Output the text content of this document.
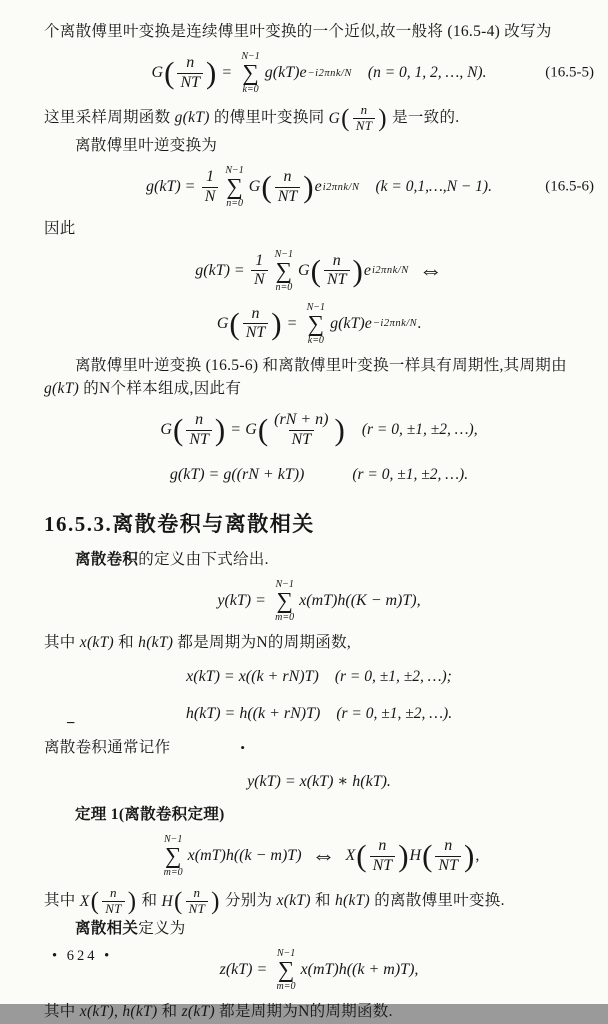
个离散傅里叶变换是连续傅里叶变换的一个近似,故一般将 (16.5-4) 改写为
G ( $\frac{n}{NT}$ ) =
N−1
∑
k=0
g(kT)e −i2πnk/N (n = 0, 1, 2, …, N).	(16.5-5)
这里采样周期函数 g(kT) 的傅里叶变换同 G ( $\frac{n}{NT}$ ) 是一致的.
离散傅里叶逆变换为
$g(kT) = \frac{1}{N} N-1$
∑
n=0
G ( $\frac{n}{NT}$ ) e i2πnk/N (k = 0,1,…,N − 1).	(16.5-6)
因此
$g(kT) = \frac{1}{N} N-1$
∑
n=0
G ( $\frac{n}{NT}$ ) e i2πnk/N ⇔
G ( $\frac{n}{NT}$ ) =
N−1
∑
k=0
g(kT)e −i2πnk/N .
离散傅里叶逆变换 (16.5-6) 和离散傅里叶变换一样具有周期性,其周期由
g(kT) 的N个样本组成,因此有
G ( $\frac{n}{NT}$ ) = G ( $\frac{(rN + n)}{NT}$ ) (r = 0, ±1, ±2, …),
g(kT) = g((rN + kT))	(r = 0, ±1, ±2, …).
16.5.3.离散卷积与离散相关
离散卷积的定义由下式给出.
y(kT) =
N−1
∑
m=0
x(mT)h((K − m)T),
其中 x(kT) 和 h(kT) 都是周期为N的周期函数,
x(kT) = x((k + rN)T) (r = 0, ±1, ±2, …);
−
h(kT) = h((k + rN)T) (r = 0, ±1, ±2, …).
离散卷积通常记作	•
y(kT) = x(kT) ∗ h(kT).
定理 1(离散卷积定理)
N−1
∑
m=0
x(mT)h((k − m)T) ⇔ X ( $\frac{n}{NT}$ ) H ( $\frac{n}{NT}$ ) ,
其中 X ( $\frac{n}{NT}$ ) 和 H ( $\frac{n}{NT}$ ) 分别为 x(kT) 和 h(kT) 的离散傅里叶变换.
离散相关定义为
z(kT) =
N−1
∑
m=0
x(mT)h((k + m)T),
其中 x(kT), h(kT) 和 z(kT) 都是周期为N的周期函数.
• 624 •
